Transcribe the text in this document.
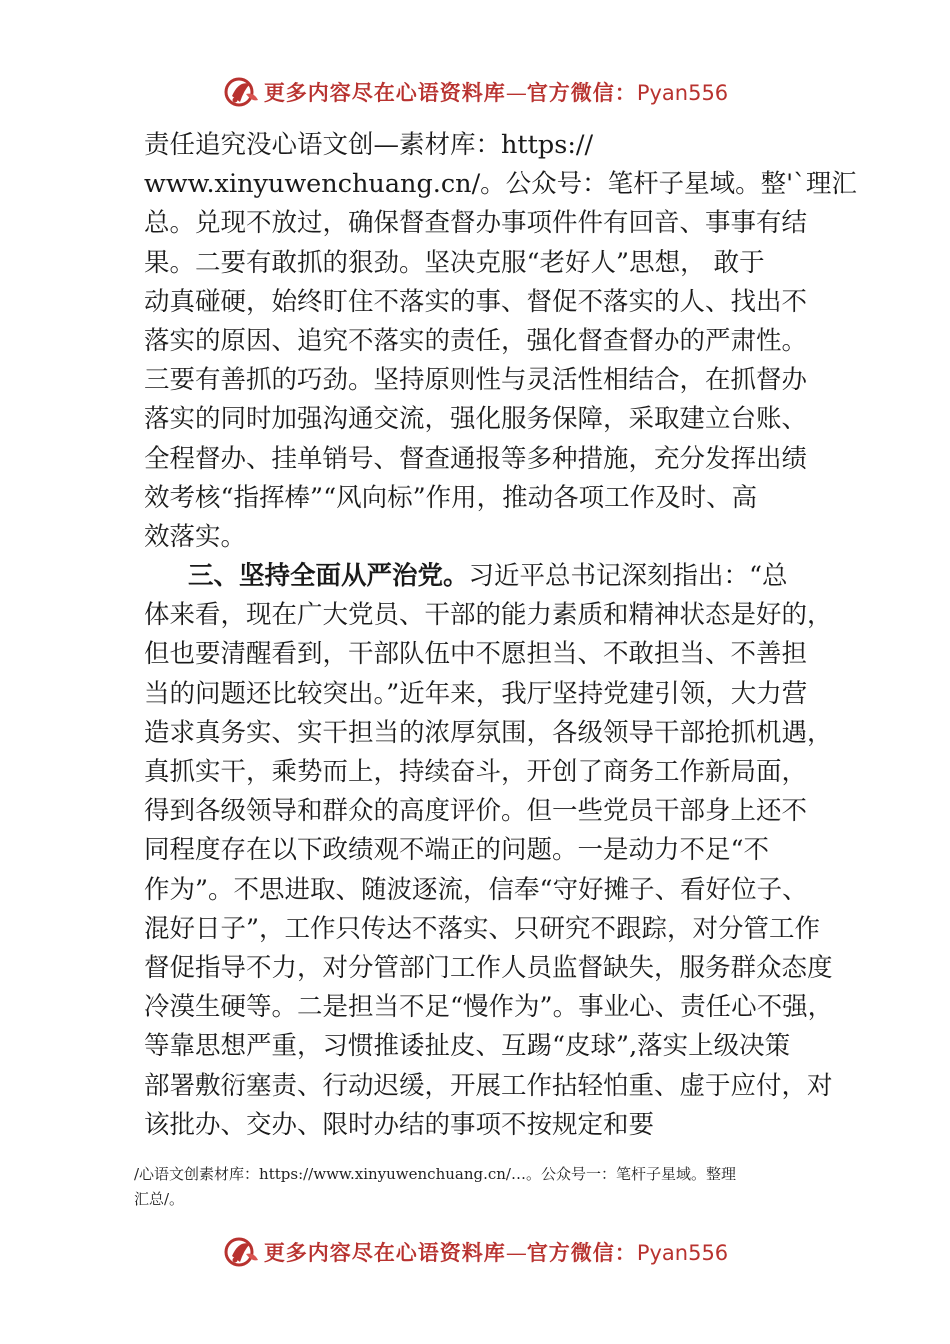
更多内容尽在心语资料库—官方微信：Pyan556
责任追究没心语文创—素材库：https://
www.xinyuwenchuang.cn/。公众号：笔杆子星域。整'`理汇
总。兑现不放过，确保督查督办事项件件有回音、事事有结
果。二要有敢抓的狠劲。坚决克服“老好人”思想， 敢于
动真碰硬，始终盯住不落实的事、督促不落实的人、找出不
落实的原因、追究不落实的责任，强化督查督办的严肃性。
三要有善抓的巧劲。坚持原则性与灵活性相结合，在抓督办
落实的同时加强沟通交流，强化服务保障，采取建立台账、
全程督办、挂单销号、督查通报等多种措施，充分发挥出绩
效考核“指挥棒”“风向标”作用，推动各项工作及时、高
效落实。
三、坚持全面从严治党。习近平总书记深刻指出：“总
体来看，现在广大党员、干部的能力素质和精神状态是好的，
但也要清醒看到，干部队伍中不愿担当、不敢担当、不善担
当的问题还比较突出。”近年来，我厅坚持党建引领，大力营
造求真务实、实干担当的浓厚氛围，各级领导干部抢抓机遇，
真抓实干，乘势而上，持续奋斗，开创了商务工作新局面，
得到各级领导和群众的高度评价。但一些党员干部身上还不
同程度存在以下政绩观不端正的问题。一是动力不足“不
作为”。不思进取、随波逐流，信奉“守好摊子、看好位子、
混好日子”，工作只传达不落实、只研究不跟踪，对分管工作
督促指导不力，对分管部门工作人员监督缺失，服务群众态度
冷漠生硬等。二是担当不足“慢作为”。事业心、责任心不强，
等靠思想严重，习惯推诿扯皮、互踢“皮球”,落实上级决策
部署敷衍塞责、行动迟缓，开展工作拈轻怕重、虚于应付，对
该批办、交办、限时办结的事项不按规定和要
/心语文创素材库：https://www.xinyuwenchuang.cn/…。公众号一：笔杆子星域。整理
汇总/。
更多内容尽在心语资料库—官方微信：Pyan556
